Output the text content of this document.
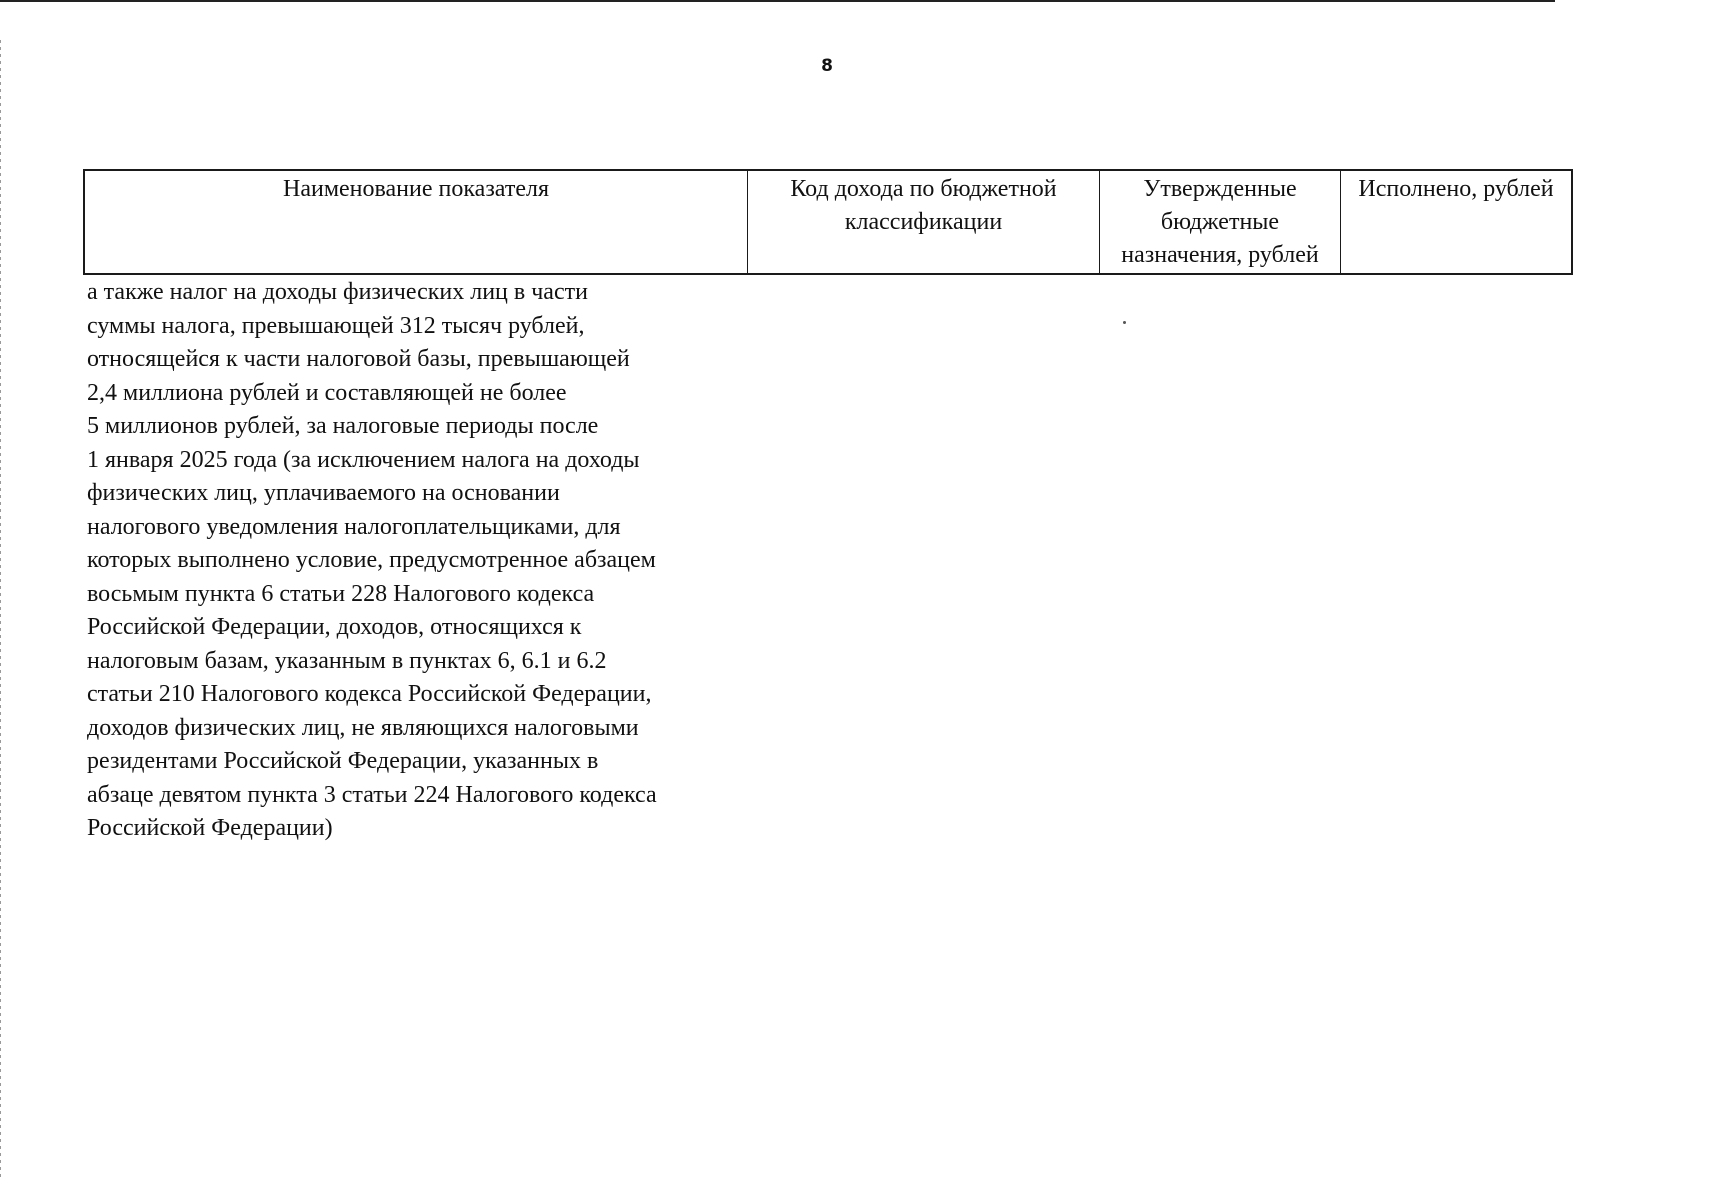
8
Наименование показателя	Код дохода по бюджетной классификации
Утвержденные бюджетные назначения, рублей
Исполнено, рублей
а также налог на доходы физических лиц в части
суммы налога, превышающей 312 тысяч рублей,
относящейся к части налоговой базы, превышающей
2,4 миллиона рублей и составляющей не более
5 миллионов рублей, за налоговые периоды после
1 января 2025 года (за исключением налога на доходы
физических лиц, уплачиваемого на основании
налогового уведомления налогоплательщиками, для
которых выполнено условие, предусмотренное абзацем
восьмым пункта 6 статьи 228 Налогового кодекса
Российской Федерации, доходов, относящихся к
налоговым базам, указанным в пунктах 6, 6.1 и 6.2
статьи 210 Налогового кодекса Российской Федерации,
доходов физических лиц, не являющихся налоговыми
резидентами Российской Федерации, указанных в
абзаце девятом пункта 3 статьи 224 Налогового кодекса
Российской Федерации)
